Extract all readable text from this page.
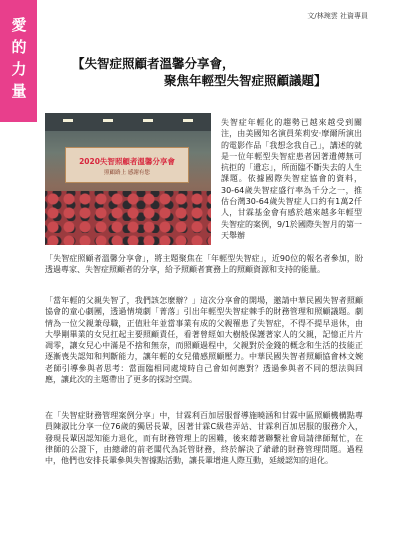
愛的力量
文/林琬雲 社資專員
【失智症照顧者溫馨分享會，
聚焦年輕型失智症照顧議題】
2020失智照顧者溫馨分享會
照顧路上 感謝有您

失智症年輕化的趨勢已越來越受到關注，由美國知名演員茱莉安‧摩爾所演出的電影作品「我想念我自己」，講述的就是一位年輕型失智症患者因著遺傳無可抗拒的「遺忘」，所面臨不斷失去的人生課題。依據國際失智症協會的資料，30-64歲失智症盛行率為千分之一，推估台灣30-64歲失智症人口約有1萬2仟人，甘霖基金會有感於越來越多年輕型失智症的案例，9/1於國際失智月的第一天舉辦

「失智症照顧者溫馨分享會」，將主題聚焦在「年輕型失智症」，近90位的報名者參加，盼透過專家、失智症照顧者的分享，給予照顧者實務上的照顧資源和支持的能量。

「當年輕的父親失智了，我們該怎麼辦？」這次分享會的開場，邀請中華民國失智者照顧協會的童心劇團，透過情境劇「菁落」引出年輕型失智症棘手的財務管理和照顧議題。劇情為一位父親兼母職，正值壯年並當事業有成的父親罹患了失智症，不得不提早退休，由大學剛畢業的女兒扛起主要照顧責任，看著曾經如大樹般保護著家人的父親，記憶正片片凋零，讓女兒心中滿是不捨和無奈，而照顧過程中，父親對於金錢的概念和生活的技能正逐漸喪失認知和判斷能力，讓年輕的女兒備感照顧壓力。中華民國失智者照顧協會林文婉老師引導參與者思考：當面臨相同處境時自己會如何應對？透過參與者不同的想法與回應，讓此次的主題帶出了更多的探討空間。

在「失智症財務管理案例分享」中，甘霖利百加居服督導施曉涵和甘霖中區照顧機構點專員陳淑比分享一位76歲的獨居長輩，因著甘霖C級巷弄站、甘霖利百加居服的服務介入，發現長輩因認知能力退化，而有財務管理上的困難，後來藉著聯繫社會局請律師幫忙，在律師的公證下，由總爺的前老闆代為託管財務，終於解決了爺爺的財務管理問題。過程中，他們也安排長輩參與失智據點活動，讓長輩增進人際互動，延緩認知的退化。
